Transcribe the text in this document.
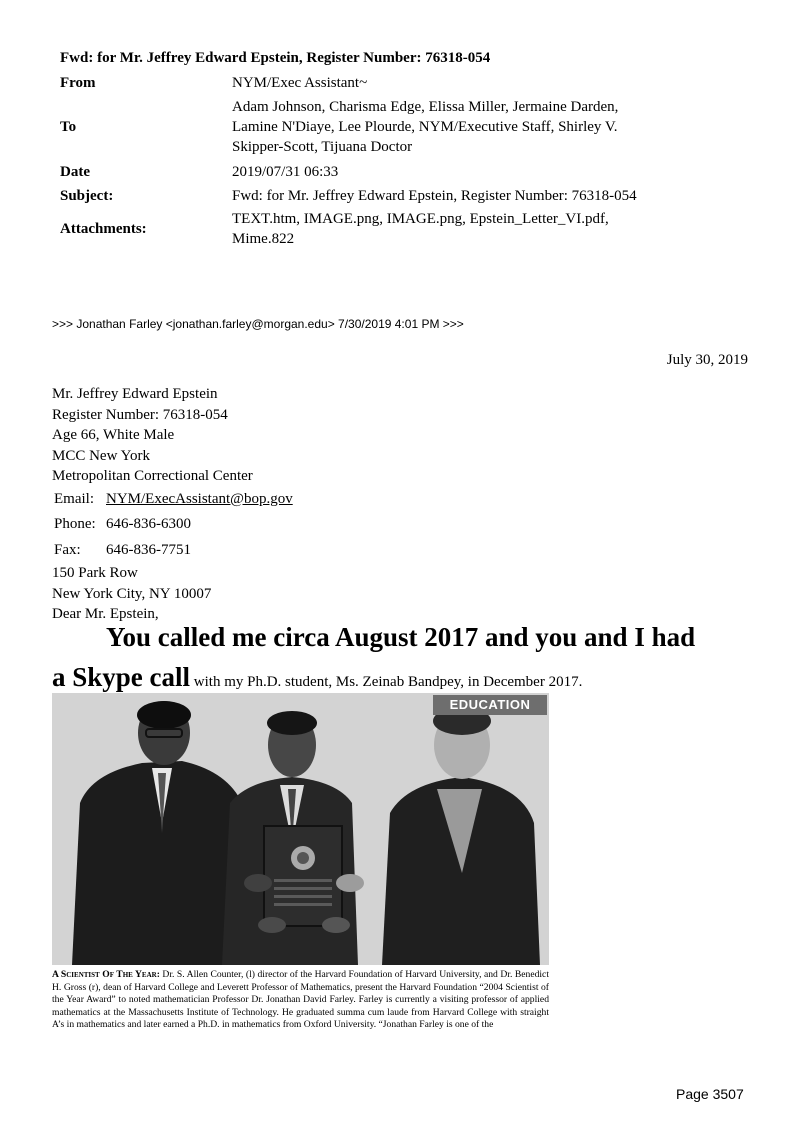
Fwd: for Mr. Jeffrey Edward Epstein, Register Number: 76318-054
From	NYM/Exec Assistant~
To	Adam Johnson, Charisma Edge, Elissa Miller, Jermaine Darden,
Lamine N'Diaye, Lee Plourde, NYM/Executive Staff, Shirley V.
Skipper-Scott, Tijuana Doctor

Date	2019/07/31 06:33
Subject:	Fwd: for Mr. Jeffrey Edward Epstein, Register Number: 76318-054
Attachments:	TEXT.htm, IMAGE.png, IMAGE.png, Epstein_Letter_VI.pdf,
Mime.822
>>> Jonathan Farley <jonathan.farley@morgan.edu> 7/30/2019 4:01 PM >>>
July 30, 2019
Mr. Jeffrey Edward Epstein
Register Number: 76318-054
Age 66, White Male
MCC New York
Metropolitan Correctional Center
Email: NYM/ExecAssistant@bop.gov
Phone: 646-836-6300
Fax: 646-836-7751
150 Park Row
New York City, NY 10007
Dear Mr. Epstein,
You called me circa August 2017 and you and I had
a Skype call with my Ph.D. student, Ms. Zeinab Bandpey, in December 2017.
EDUCATION
A Scientist Of The Year: Dr. S. Allen Counter, (l) director of the Harvard Foundation of Harvard University, and Dr. Benedict H. Gross (r), dean of Harvard College and Leverett Professor of Mathematics, present the Harvard Foundation “2004 Scientist of the Year Award” to noted mathematician Professor Dr. Jonathan David Farley. Farley is currently a visiting professor of applied mathematics at the Massachusetts Institute of Technology. He graduated summa cum laude from Harvard College with straight A’s in mathematics and later earned a Ph.D. in mathematics from Oxford University. “Jonathan Farley is one of the
Page 3507
